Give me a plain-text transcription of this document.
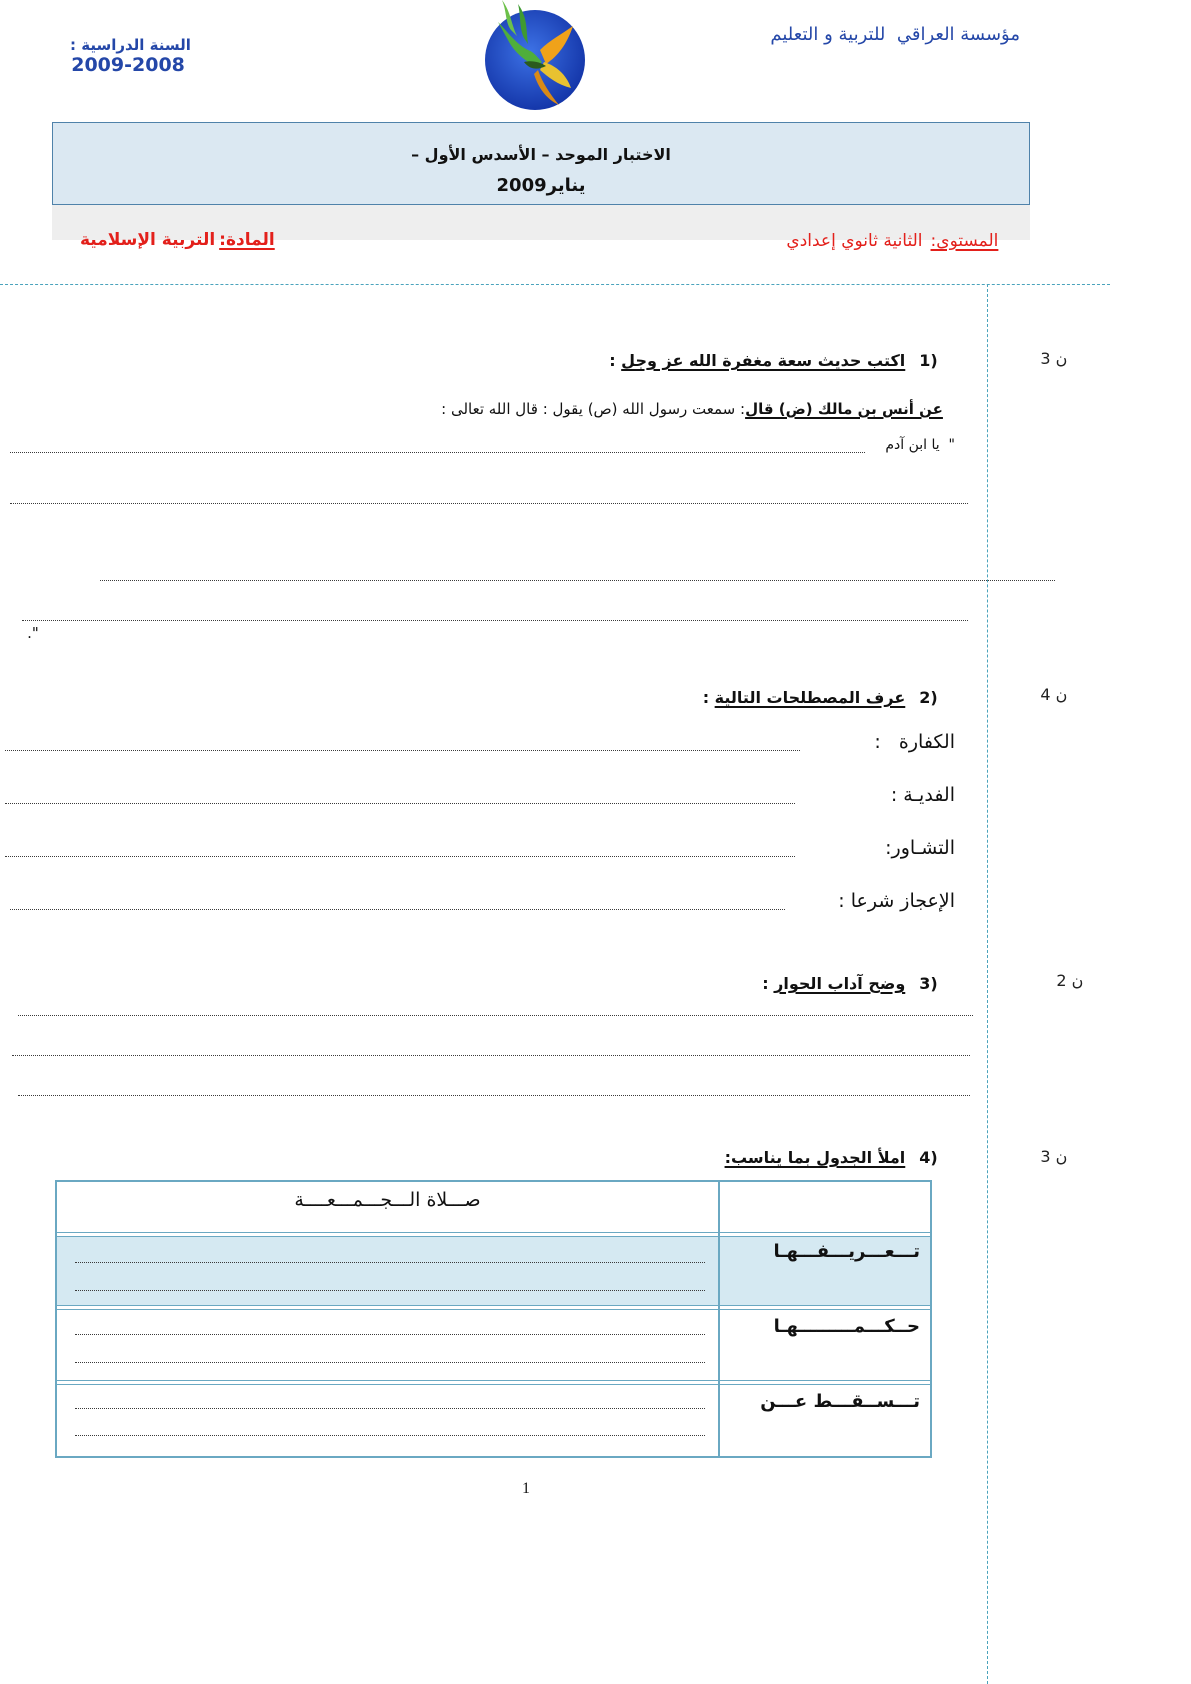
مؤسسة العراقي  للتربية و التعليم

السنة الدراسية :
2009-2008

الاختبار الموحد – الأسدس الأول –
يناير2009

المستوى:الثانية ثانوي إعدادي

المادة:التربية الإسلامية

3 ن

1)اكتب حديث سعة مغفرة الله عز وجل :

عن أنس بن مالك (ض) قال: سمعت رسول الله (ص) يقول : قال الله تعالى :

"  يا ابن آدم

."

4 ن

2)عرف المصطلحات التالية :

الكفارة   :
الفديـة :
التشـاور:
الإعجاز شرعا :

2 ن

3)وضح آداب الحوار :

3 ن

4)املأ الجدول بما يناسب:

صـــلاة الـــجـــمـــعــــة
تـــعـــريـــفـــهـا
حــكـــمـــــــــهـا
تـــســقـــط عـــن
1
